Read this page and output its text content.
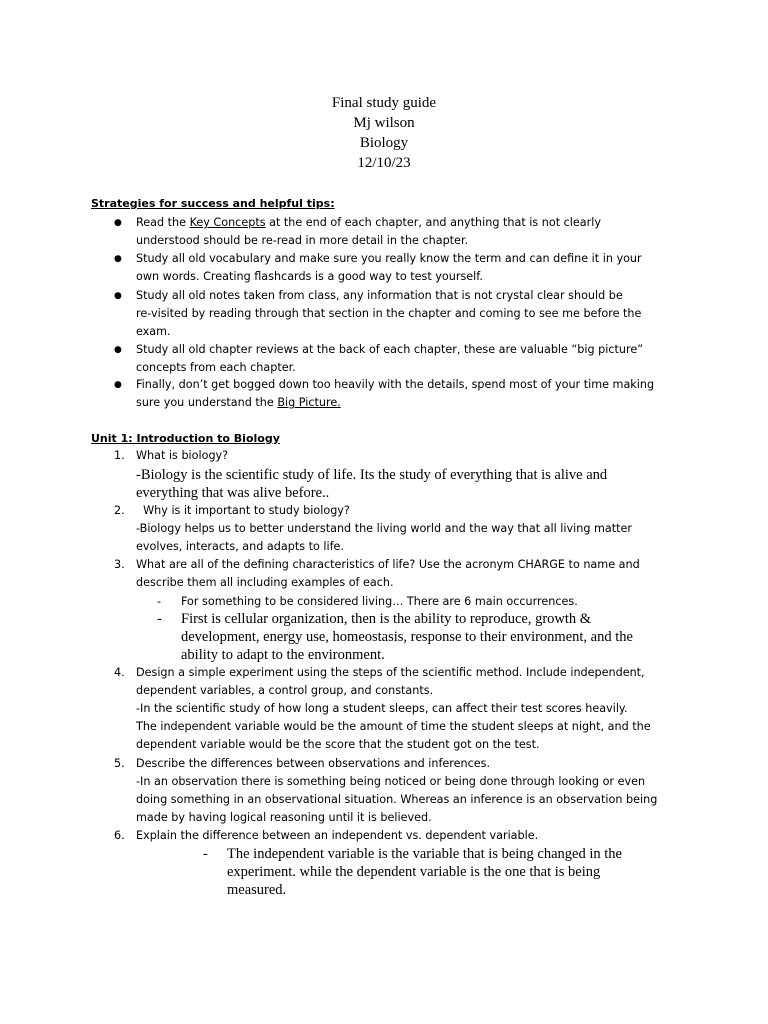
Final study guide
Mj wilson
Biology
12/10/23
Strategies for success and helpful tips:
● Read the Key Concepts at the end of each chapter, and anything that is not clearly
understood should be re-read in more detail in the chapter.
● Study all old vocabulary and make sure you really know the term and can define it in your
own words. Creating flashcards is a good way to test yourself.
● Study all old notes taken from class, any information that is not crystal clear should be
re-visited by reading through that section in the chapter and coming to see me before the
exam.
● Study all old chapter reviews at the back of each chapter, these are valuable “big picture”
concepts from each chapter.
● Finally, don’t get bogged down too heavily with the details, spend most of your time making
sure you understand the Big Picture.
Unit 1: Introduction to Biology
1. What is biology?
-Biology is the scientific study of life. Its the study of everything that is alive and
everything that was alive before..
2. Why is it important to study biology?
-Biology helps us to better understand the living world and the way that all living matter
evolves, interacts, and adapts to life.
3. What are all of the defining characteristics of life? Use the acronym CHARGE to name and
describe them all including examples of each.
- For something to be considered living… There are 6 main occurrences.
- First is cellular organization, then is the ability to reproduce, growth &
development, energy use, homeostasis, response to their environment, and the
ability to adapt to the environment.
4. Design a simple experiment using the steps of the scientific method. Include independent,
dependent variables, a control group, and constants.
-In the scientific study of how long a student sleeps, can affect their test scores heavily.
The independent variable would be the amount of time the student sleeps at night, and the
dependent variable would be the score that the student got on the test.
5. Describe the differences between observations and inferences.
-In an observation there is something being noticed or being done through looking or even
doing something in an observational situation. Whereas an inference is an observation being
made by having logical reasoning until it is believed.
6. Explain the difference between an independent vs. dependent variable.
- The independent variable is the variable that is being changed in the
experiment. while the dependent variable is the one that is being
measured.
